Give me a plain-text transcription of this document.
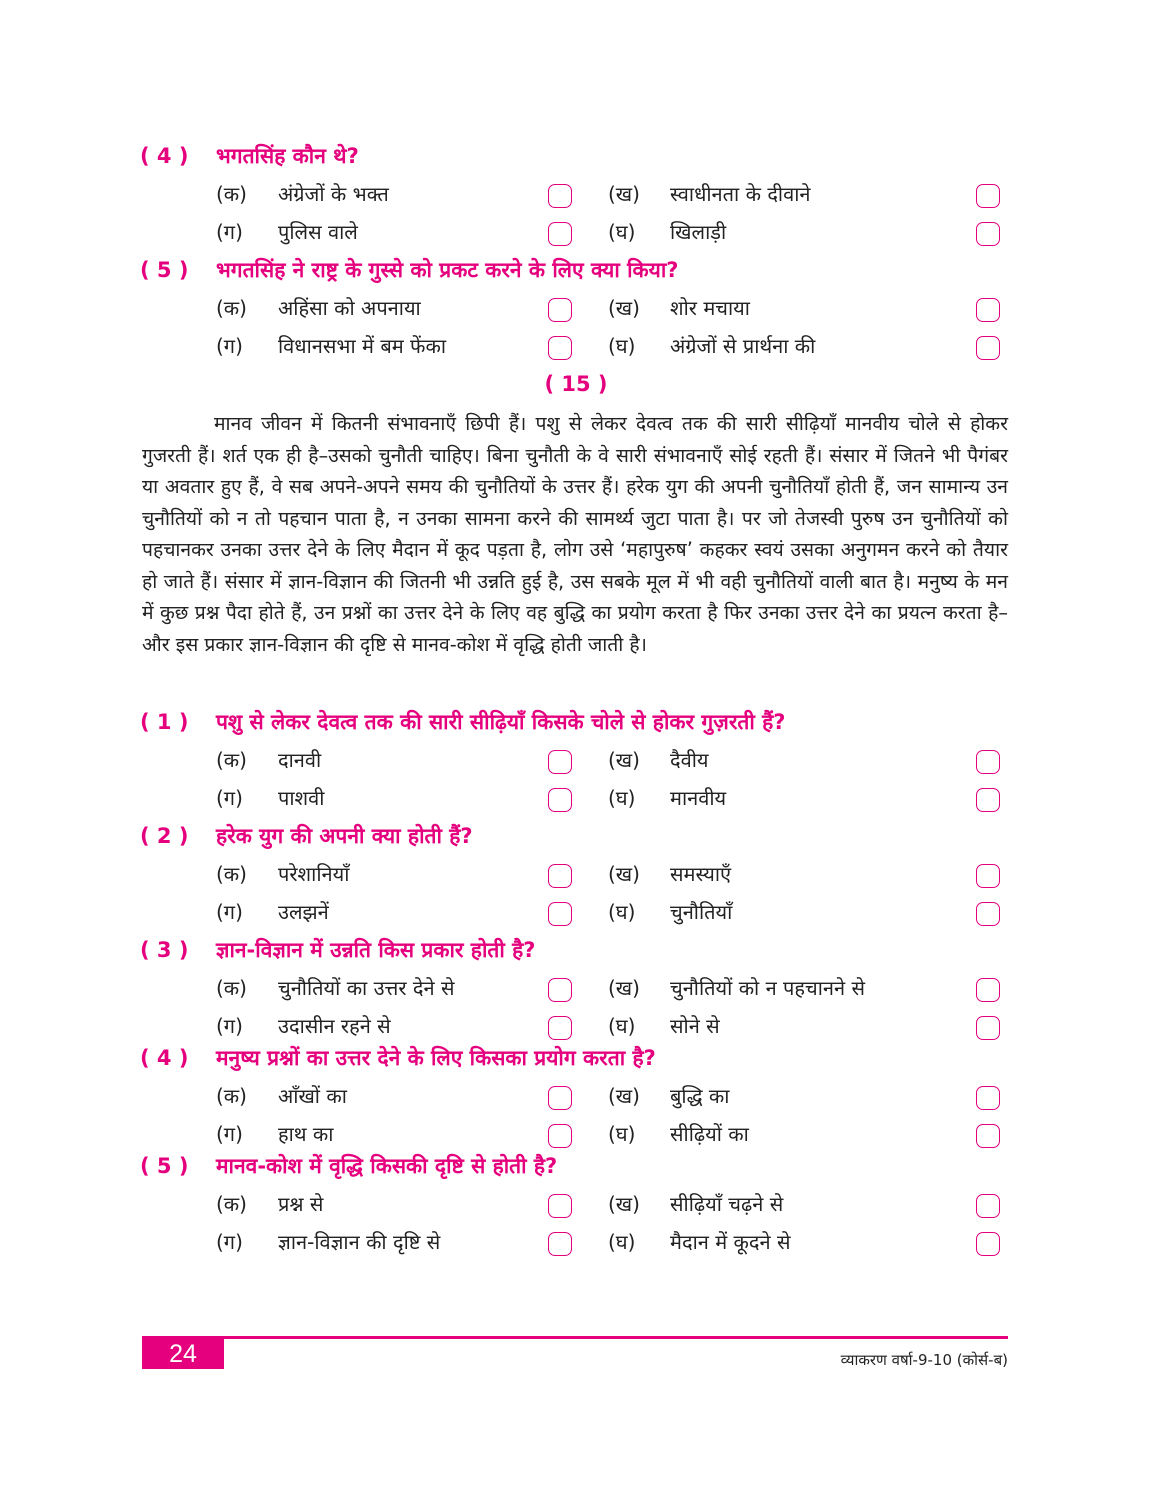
( 4 ) भगतसिंह कौन थे?
(क) अंग्रेजों के भक्त	(ख) स्वाधीनता के दीवाने
(ग) पुलिस वाले	(घ) खिलाड़ी
( 5 ) भगतसिंह ने राष्ट्र के गुस्से को प्रकट करने के लिए क्या किया?
(क) अहिंसा को अपनाया	(ख) शोर मचाया
(ग) विधानसभा में बम फेंका	(घ) अंग्रेजों से प्रार्थना की
( 1 ) पशु से लेकर देवत्व तक की सारी सीढ़ियाँ किसके चोले से होकर गुज़रती हैं?
(क) दानवी	(ख) दैवीय
(ग) पाशवी	(घ) मानवीय
( 2 ) हरेक युग की अपनी क्या होती हैं?
(क) परेशानियाँ	(ख) समस्याएँ
(ग) उलझनें	(घ) चुनौतियाँ
( 3 ) ज्ञान-विज्ञान में उन्नति किस प्रकार होती है?
(क) चुनौतियों का उत्तर देने से	(ख) चुनौतियों को न पहचानने से
(ग) उदासीन रहने से	(घ) सोने से
( 4 ) मनुष्य प्रश्नों का उत्तर देने के लिए किसका प्रयोग करता है?
(क) आँखों का	(ख) बुद्धि का
(ग) हाथ का	(घ) सीढ़ियों का
( 5 ) मानव-कोश में वृद्धि किसकी दृष्टि से होती है?
(क) प्रश्न से	(ख) सीढ़ियाँ चढ़ने से
(ग) ज्ञान-विज्ञान की दृष्टि से	(घ) मैदान में कूदने से
( 15 )
मानव जीवन में कितनी संभावनाएँ छिपी हैं। पशु से लेकर देवत्व तक की सारी सीढ़ियाँ मानवीय चोले से होकर गुजरती हैं। शर्त एक ही है–उसको चुनौती चाहिए। बिना चुनौती के वे सारी संभावनाएँ सोई रहती हैं। संसार में जितने भी पैगंबर या अवतार हुए हैं, वे सब अपने-अपने समय की चुनौतियों के उत्तर हैं। हरेक युग की अपनी चुनौतियाँ होती हैं, जन सामान्य उन चुनौतियों को न तो पहचान पाता है, न उनका सामना करने की सामर्थ्य जुटा पाता है। पर जो तेजस्वी पुरुष उन चुनौतियों को पहचानकर उनका उत्तर देने के लिए मैदान में कूद पड़ता है, लोग उसे ‘महापुरुष’ कहकर स्वयं उसका अनुगमन करने को तैयार हो जाते हैं। संसार में ज्ञान-विज्ञान की जितनी भी उन्नति हुई है, उस सबके मूल में भी वही चुनौतियों वाली बात है। मनुष्य के मन में कुछ प्रश्न पैदा होते हैं, उन प्रश्नों का उत्तर देने के लिए वह बुद्धि का प्रयोग करता है फिर उनका उत्तर देने का प्रयत्न करता है–और इस प्रकार ज्ञान-विज्ञान की दृष्टि से मानव-कोश में वृद्धि होती जाती है।
24	व्याकरण वर्षा-9-10 (कोर्स-ब)
